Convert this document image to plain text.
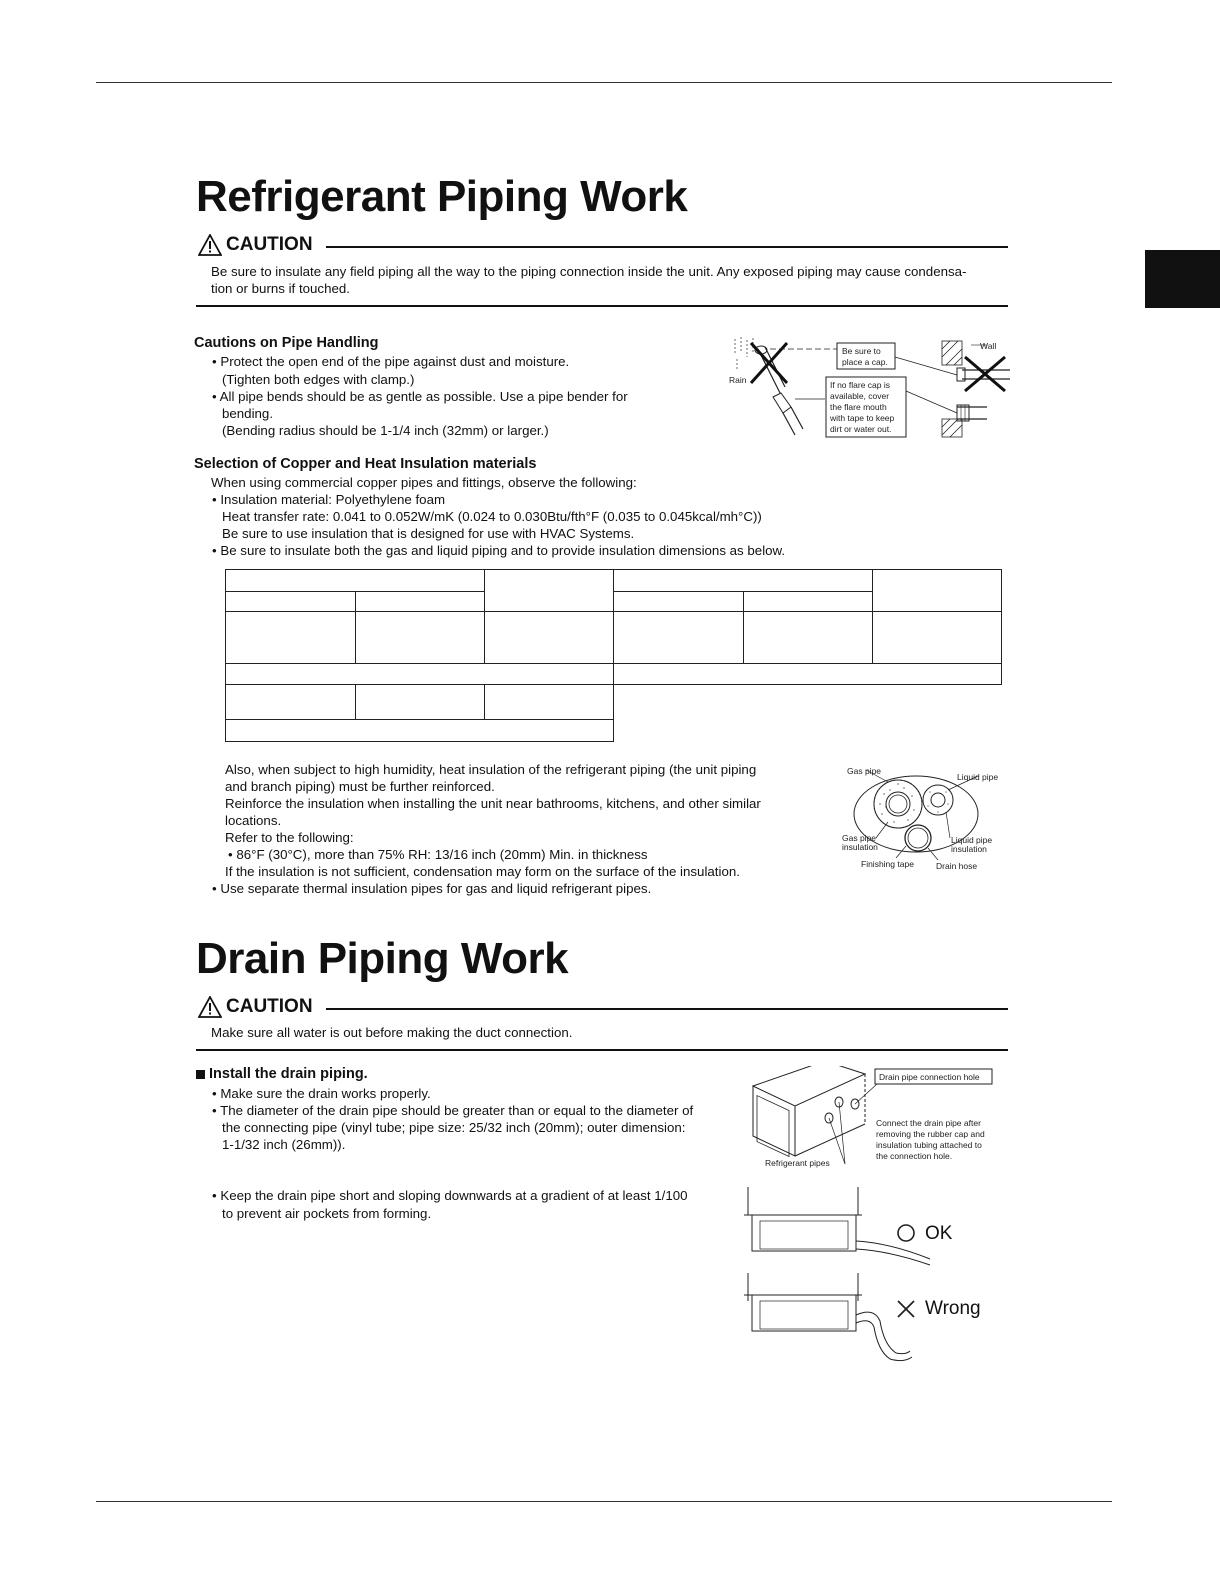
Refrigerant Piping Work
CAUTION
Be sure to insulate any field piping all the way to the piping connection inside the unit. Any exposed piping may cause condensa-
tion or burns if touched.
Cautions on Pipe Handling
• Protect the open end of the pipe against dust and moisture.
(Tighten both edges with clamp.)
• All pipe bends should be as gentle as possible. Use a pipe bender for
bending.
(Bending radius should be 1-1/4 inch (32mm) or larger.)
Be sure to
place a cap.
If no flare cap is
available, cover
the flare mouth
with tape to keep
dirt or water out.
Rain
Wall
Selection of Copper and Heat Insulation materials
When using commercial copper pipes and fittings, observe the following:
• Insulation material: Polyethylene foam
Heat transfer rate: 0.041 to 0.052W/mK (0.024 to 0.030Btu/fth°F (0.035 to 0.045kcal/mh°C))
Be sure to use insulation that is designed for use with HVAC Systems.
• Be sure to insulate both the gas and liquid piping and to provide insulation dimensions as below.

Also, when subject to high humidity, heat insulation of the refrigerant piping (the unit piping
and branch piping) must be further reinforced.
Reinforce the insulation when installing the unit near bathrooms, kitchens, and other similar
locations.
Refer to the following:
• 86°F (30°C), more than 75% RH: 13/16 inch (20mm) Min. in thickness
If the insulation is not sufficient, condensation may form on the surface of the insulation.
• Use separate thermal insulation pipes for gas and liquid refrigerant pipes.
Gas pipe
Liquid pipe
Gas pipe
insulation
Liquid pipe
insulation
Finishing tape	Drain hose
Drain Piping Work
CAUTION
Make sure all water is out before making the duct connection.
Install the drain piping.
• Make sure the drain works properly.
• The diameter of the drain pipe should be greater than or equal to the diameter of
the connecting pipe (vinyl tube; pipe size: 25/32 inch (20mm); outer dimension:
1-1/32 inch (26mm)).
• Keep the drain pipe short and sloping downwards at a gradient of at least 1/100
to prevent air pockets from forming.
Drain pipe connection hole
Connect the drain pipe after
removing the rubber cap and
insulation tubing attached to
the connection hole.
Refrigerant pipes
OK
Wrong
